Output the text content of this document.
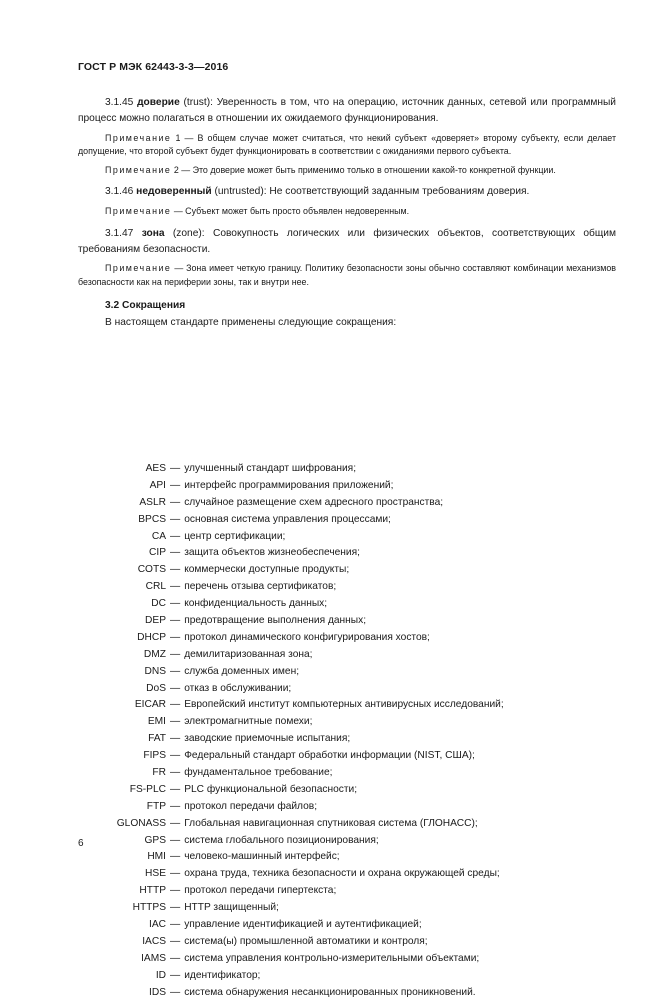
ГОСТ Р МЭК 62443-3-3—2016

3.1.45 доверие (trust): Уверенность в том, что на операцию, источник данных, сетевой или программный процесс можно полагаться в отношении их ожидаемого функционирования.

Примечание 1 — В общем случае может считаться, что некий субъект «доверяет» второму субъекту, если делает допущение, что второй субъект будет функционировать в соответствии с ожиданиями первого субъекта.

Примечание 2 — Это доверие может быть применимо только в отношении какой-то конкретной функции.

3.1.46 недоверенный (untrusted): Не соответствующий заданным требованиям доверия.

Примечание — Субъект может быть просто объявлен недоверенным.

3.1.47 зона (zone): Совокупность логических или физических объектов, соответствующих общим требованиям безопасности.

Примечание — Зона имеет четкую границу. Политику безопасности зоны обычно составляют комбинации механизмов безопасности как на периферии зоны, так и внутри нее.

3.2 Сокращения

В настоящем стандарте применены следующие сокращения:

AES — улучшенный стандарт шифрования;
API — интерфейс программирования приложений;
ASLR — случайное размещение схем адресного пространства;
BPCS — основная система управления процессами;
CA — центр сертификации;
CIP — защита объектов жизнеобеспечения;
COTS — коммерчески доступные продукты;
CRL — перечень отзыва сертификатов;
DC — конфиденциальность данных;
DEP — предотвращение выполнения данных;
DHCP — протокол динамического конфигурирования хостов;
DMZ — демилитаризованная зона;
DNS — служба доменных имен;
DoS — отказ в обслуживании;
EICAR — Европейский институт компьютерных антивирусных исследований;
EMI — электромагнитные помехи;
FAT — заводские приемочные испытания;
FIPS — Федеральный стандарт обработки информации (NIST, США);
FR — фундаментальное требование;
FS-PLC — PLC функциональной безопасности;
FTP — протокол передачи файлов;
GLONASS — Глобальная навигационная спутниковая система (ГЛОНАСС);
GPS — система глобального позиционирования;
HMI — человеко-машинный интерфейс;
HSE — охрана труда, техника безопасности и охрана окружающей среды;
HTTP — протокол передачи гипертекста;
HTTPS — HTTP защищенный;
IAC — управление идентификацией и аутентификацией;
IACS — система(ы) промышленной автоматики и контроля;
IAMS — система управления контрольно-измерительными объектами;
ID — идентификатор;
IDS — система обнаружения несанкционированных проникновений.
6
